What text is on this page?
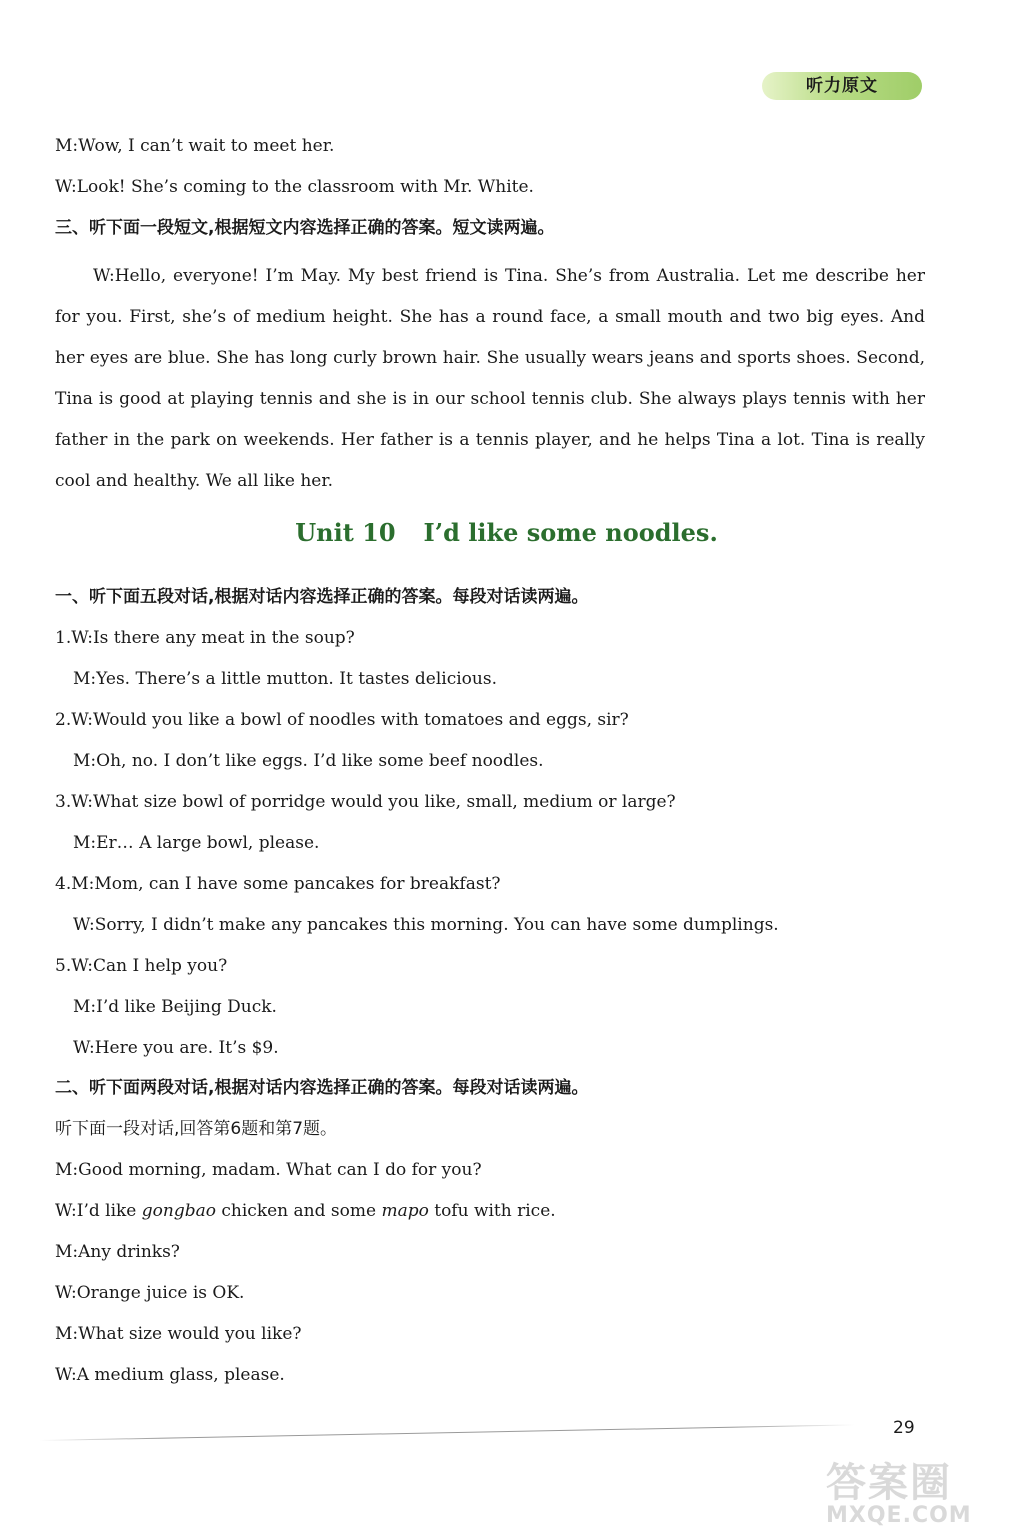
听力原文
M:Wow, I can’t wait to meet her.
W:Look! She’s coming to the classroom with Mr. White.
三、听下面一段短文,根据短文内容选择正确的答案。短文读两遍。
W:Hello, everyone! I’m May. My best friend is Tina. She’s from Australia. Let me describe her for you. First, she’s of medium height. She has a round face, a small mouth and two big eyes. And her eyes are blue. She has long curly brown hair. She usually wears jeans and sports shoes. Second, Tina is good at playing tennis and she is in our school tennis club. She always plays tennis with her father in the park on weekends. Her father is a tennis player, and he helps Tina a lot. Tina is really cool and healthy. We all like her.
Unit 10 I’d like some noodles.
一、听下面五段对话,根据对话内容选择正确的答案。每段对话读两遍。
1.W:Is there any meat in the soup?
M:Yes. There’s a little mutton. It tastes delicious.
2.W:Would you like a bowl of noodles with tomatoes and eggs, sir?
M:Oh, no. I don’t like eggs. I’d like some beef noodles.
3.W:What size bowl of porridge would you like, small, medium or large?
M:Er… A large bowl, please.
4.M:Mom, can I have some pancakes for breakfast?
W:Sorry, I didn’t make any pancakes this morning. You can have some dumplings.
5.W:Can I help you?
M:I’d like Beijing Duck.
W:Here you are. It’s $9.
二、听下面两段对话,根据对话内容选择正确的答案。每段对话读两遍。
听下面一段对话,回答第6题和第7题。
M:Good morning, madam. What can I do for you?
W:I’d like gongbao chicken and some mapo tofu with rice.
M:Any drinks?
W:Orange juice is OK.
M:What size would you like?
W:A medium glass, please.
29
答案圈
MXQE.COM
